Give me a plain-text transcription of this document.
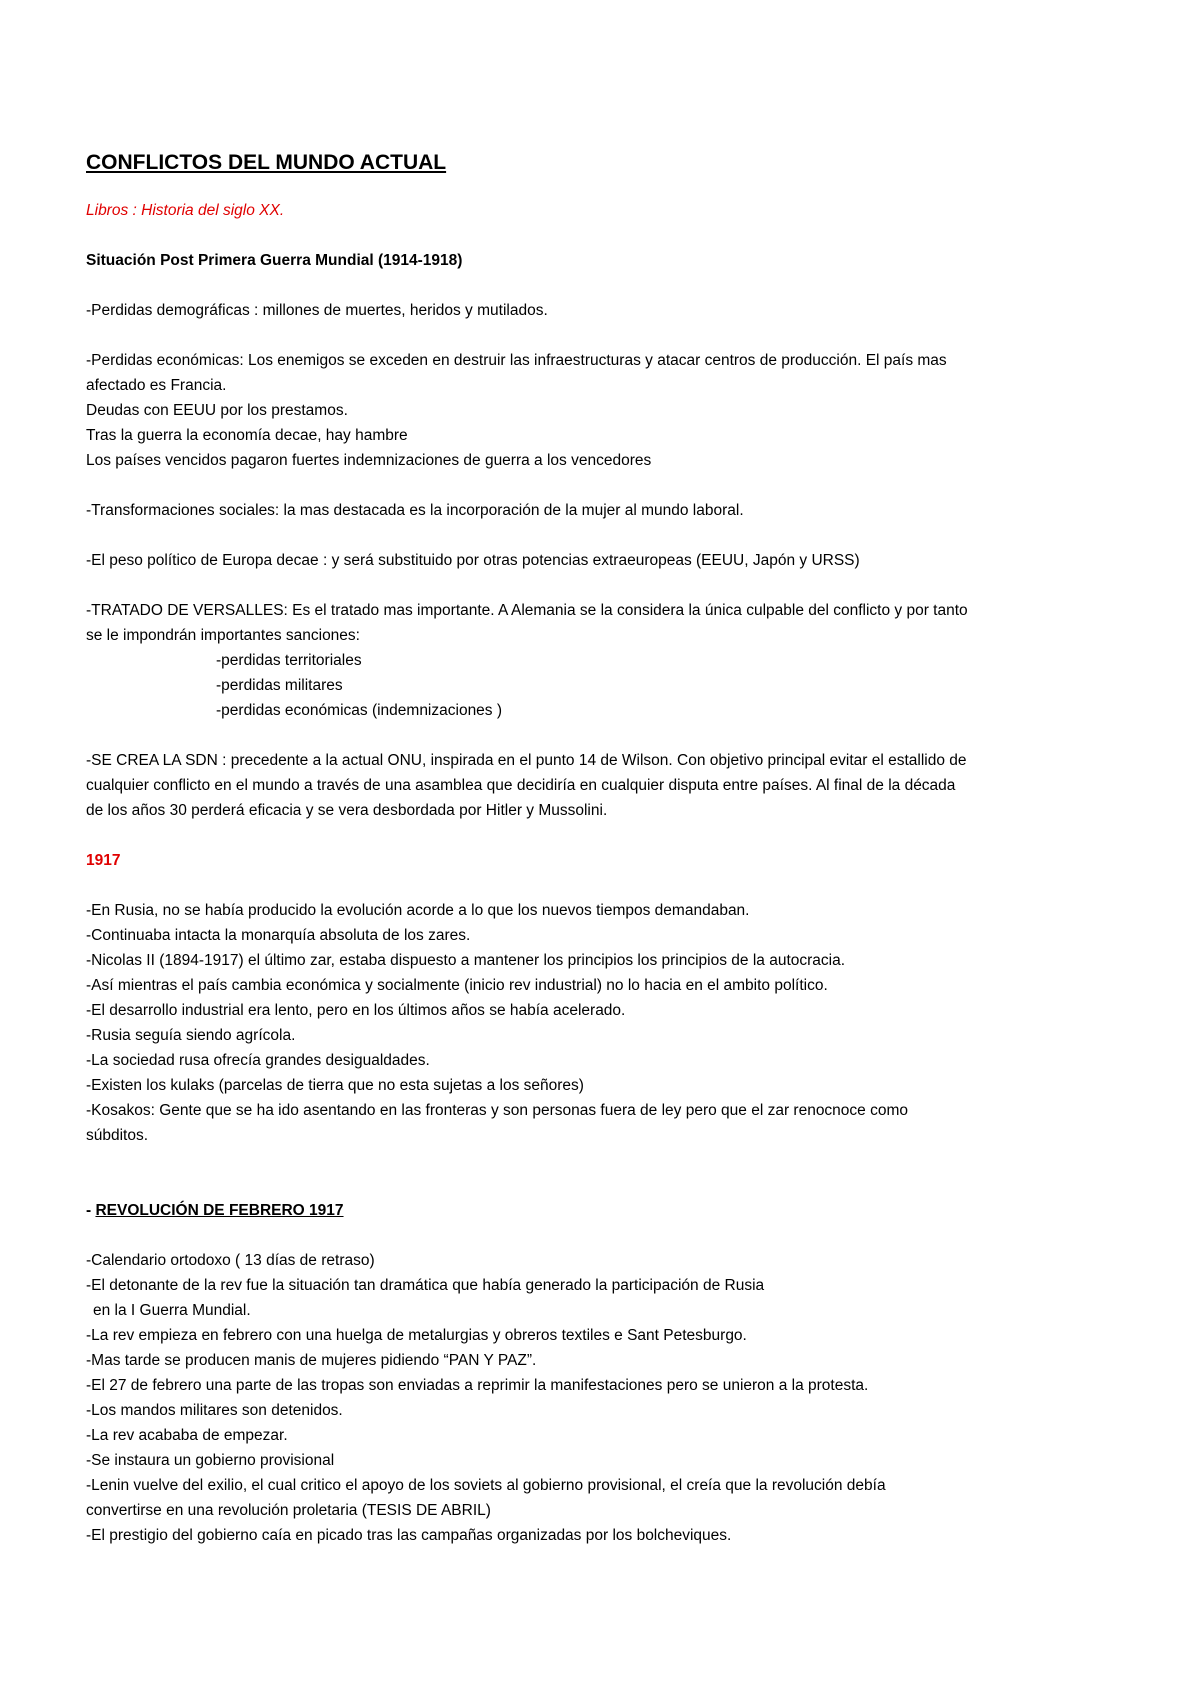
CONFLICTOS DEL MUNDO ACTUAL
Libros : Historia del siglo XX.
Situación Post Primera Guerra Mundial (1914-1918)
-Perdidas demográficas : millones de muertes, heridos y mutilados.
-Perdidas económicas: Los enemigos se exceden en destruir las infraestructuras y atacar centros de producción. El país mas
afectado es Francia.
Deudas con EEUU por los prestamos.
Tras la guerra la economía decae, hay hambre
Los países vencidos pagaron fuertes indemnizaciones de guerra a los vencedores
-Transformaciones sociales: la mas destacada es la incorporación de la mujer al mundo laboral.
-El peso político de Europa decae : y será substituido por otras potencias extraeuropeas (EEUU, Japón y URSS)
-TRATADO DE VERSALLES: Es el tratado mas importante. A Alemania se la considera la única culpable del conflicto y por tanto
se le impondrán importantes sanciones:
-perdidas territoriales
-perdidas militares
-perdidas económicas (indemnizaciones )
-SE CREA LA SDN : precedente a la actual ONU, inspirada en el punto 14 de Wilson. Con objetivo principal evitar el estallido de
cualquier conflicto en el mundo a través de una asamblea que decidiría en cualquier disputa entre países. Al final de la década
de los años 30 perderá eficacia y se vera desbordada por Hitler y Mussolini.
1917
-En Rusia, no se había producido la evolución acorde a lo que los nuevos tiempos demandaban.
-Continuaba intacta la monarquía absoluta de los zares.
-Nicolas II (1894-1917) el último zar, estaba dispuesto a mantener los principios los principios de la autocracia.
-Así mientras el país cambia económica y socialmente (inicio rev industrial) no lo hacia en el ambito político.
-El desarrollo industrial era lento, pero en los últimos años se había acelerado.
-Rusia seguía siendo agrícola.
-La sociedad rusa ofrecía grandes desigualdades.
-Existen los kulaks (parcelas de tierra que no esta sujetas a los señores)
-Kosakos: Gente que se ha ido asentando en las fronteras y son personas fuera de ley pero que el zar renocnoce como
súbditos.
- REVOLUCIÓN DE FEBRERO 1917
-Calendario ortodoxo ( 13 días de retraso)
-El detonante de la rev fue la situación tan dramática que había generado la participación de Rusia
en la I Guerra Mundial.
-La rev empieza en febrero con una huelga de metalurgias y obreros textiles e Sant Petesburgo.
-Mas tarde se producen manis de mujeres pidiendo “PAN Y PAZ”.
-El 27 de febrero una parte de las tropas son enviadas a reprimir la manifestaciones pero se unieron a la protesta.
-Los mandos militares son detenidos.
-La rev acababa de empezar.
-Se instaura un gobierno provisional
-Lenin vuelve del exilio, el cual critico el apoyo de los soviets al gobierno provisional, el creía que la revolución debía
convertirse en una revolución proletaria (TESIS DE ABRIL)
-El prestigio del gobierno caía en picado tras las campañas organizadas por los bolcheviques.
